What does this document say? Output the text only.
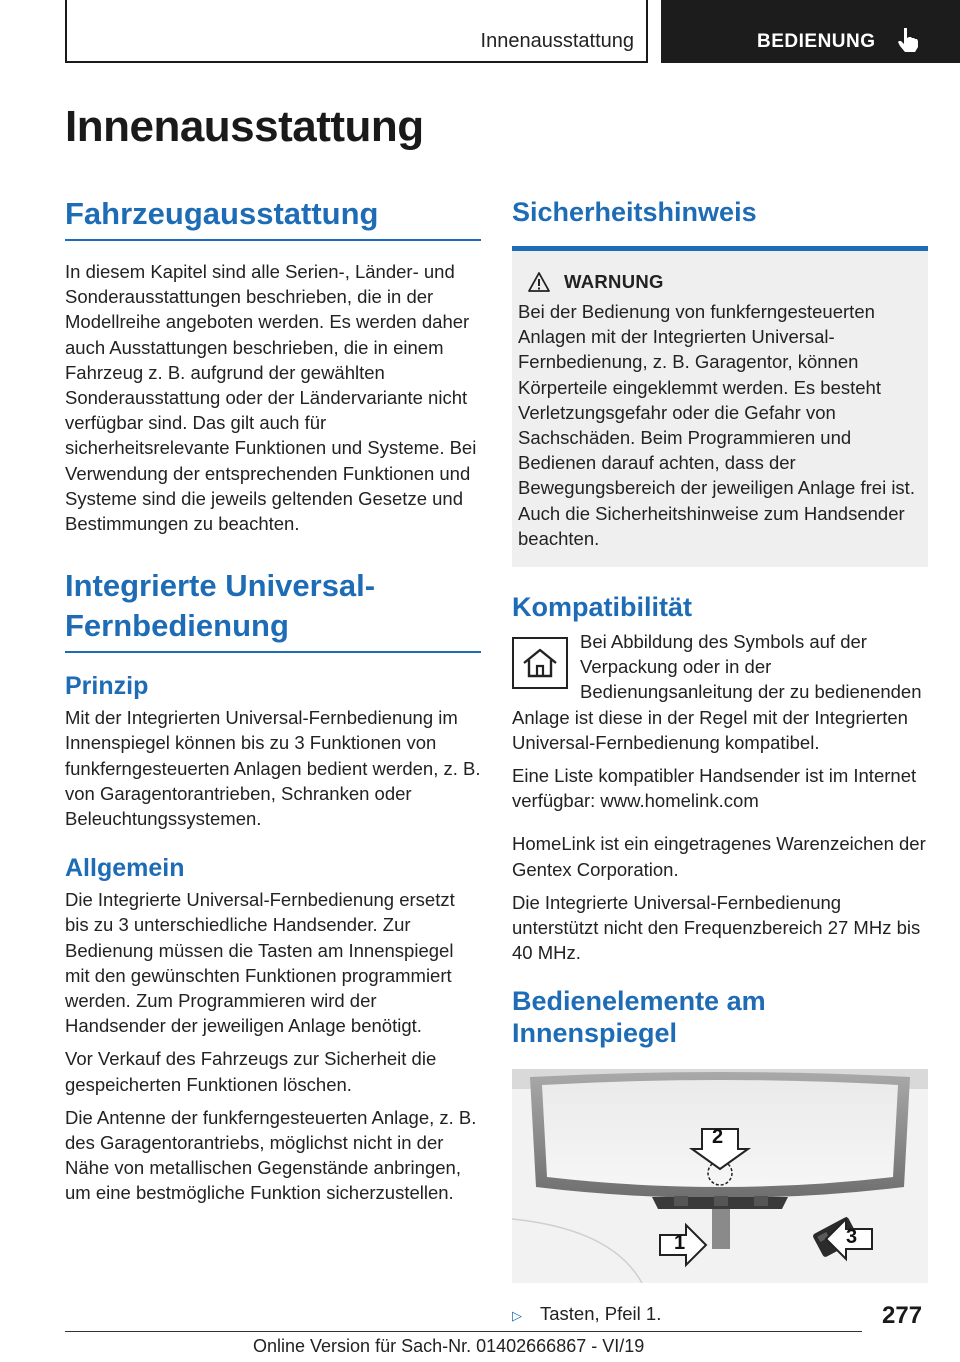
Innenausstattung	BEDIENUNG
Innenausstattung
Fahrzeugausstattung

In diesem Kapitel sind alle Serien-, Länder- und Sonderausstattungen beschrieben, die in der Modellreihe angeboten werden. Es werden daher auch Ausstattungen beschrieben, die in einem Fahrzeug z. B. aufgrund der gewählten Sonderausstattung oder der Ländervariante nicht verfügbar sind. Das gilt auch für sicherheitsrelevante Funktionen und Systeme. Bei Verwendung der entsprechenden Funktionen und Systeme sind die jeweils geltenden Gesetze und Bestimmungen zu beachten.

Integrierte Universal-Fernbedienung
Prinzip

Mit der Integrierten Universal-Fernbedienung im Innenspiegel können bis zu 3 Funktionen von funkferngesteuerten Anlagen bedient werden, z. B. von Garagentorantrieben, Schranken oder Beleuchtungssystemen.

Allgemein

Die Integrierte Universal-Fernbedienung ersetzt bis zu 3 unterschiedliche Handsender. Zur Bedienung müssen die Tasten am Innenspiegel mit den gewünschten Funktionen programmiert werden. Zum Programmieren wird der Handsender der jeweiligen Anlage benötigt.

Vor Verkauf des Fahrzeugs zur Sicherheit die gespeicherten Funktionen löschen.

Die Antenne der funkferngesteuerten Anlage, z. B. des Garagentorantriebs, möglichst nicht in der Nähe von metallischen Gegenstände anbringen, um eine bestmögliche Funktion sicherzustellen.

Sicherheitshinweis
WARNUNG

Bei der Bedienung von funkferngesteuerten Anlagen mit der Integrierten Universal-Fernbedienung, z. B. Garagentor, können Körperteile eingeklemmt werden. Es besteht Verletzungsgefahr oder die Gefahr von Sachschäden. Beim Programmieren und Bedienen darauf achten, dass der Bewegungsbereich der jeweiligen Anlage frei ist. Auch die Sicherheitshinweise zum Handsender beachten.

Kompatibilität

Bei Abbildung des Symbols auf der Verpackung oder in der Bedienungsanleitung der zu bedienenden Anlage ist diese in der Regel mit der Integrierten Universal-Fernbedienung kompatibel.

Eine Liste kompatibler Handsender ist im Internet verfügbar: www.homelink.com

HomeLink ist ein eingetragenes Warenzeichen der Gentex Corporation.

Die Integrierte Universal-Fernbedienung unterstützt nicht den Frequenzbereich 27 MHz bis 40 MHz.

Bedienelemente am Innenspiegel
2
1	3
▷ Tasten, Pfeil 1.	277
Online Version für Sach-Nr. 01402666867 - VI/19
